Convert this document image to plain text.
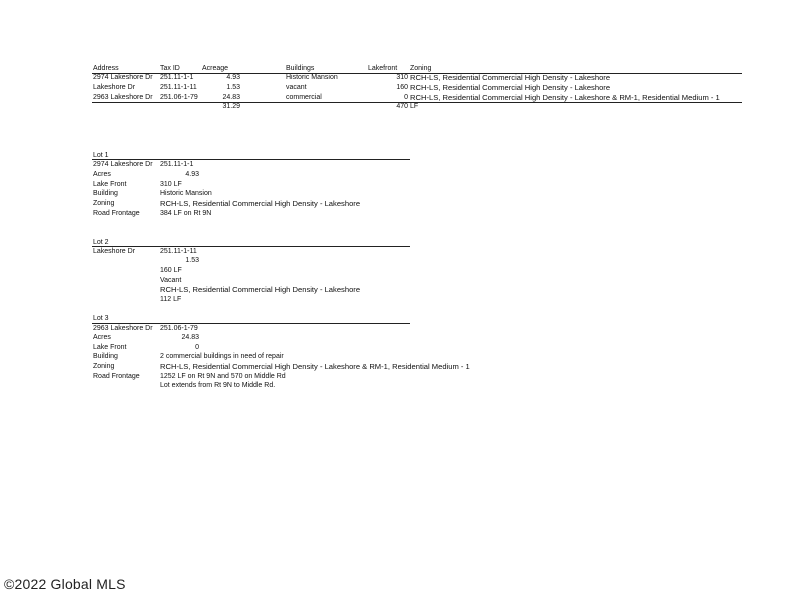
Address	Tax ID	Acreage	Buildings	Lakefront Zoning
2974 Lakeshore Dr 251.11-1-1	4.93	Historic Mansion	310 RCH-LS, Residential Commercial High Density - Lakeshore
Lakeshore Dr	251.11-1-11	1.53	vacant	160 RCH-LS, Residential Commercial High Density - Lakeshore
2963 Lakeshore Dr 251.06-1-79	24.83	commercial	0 RCH-LS, Residential Commercial High Density - Lakeshore & RM-1, Residential Medium - 1
31.29	470 LF
Lot 1
2974 Lakeshore Dr 251.11-1-1
Acres	4.93
Lake Front	310 LF
Building	Historic Mansion
Zoning	RCH-LS, Residential Commercial High Density - Lakeshore
Road Frontage	384 LF on Rt 9N
Lot 2
Lakeshore Dr	251.11-1-11
1.53
160 LF
Vacant
RCH-LS, Residential Commercial High Density - Lakeshore
112 LF
Lot 3
2963 Lakeshore Dr 251.06-1-79
Acres	24.83
Lake Front	0
Building	2 commercial buildings in need of repair
Zoning	RCH-LS, Residential Commercial High Density - Lakeshore & RM-1, Residential Medium - 1
Road Frontage	1252 LF on Rt 9N and 570 on Middle Rd
Lot extends from Rt 9N to Middle Rd.
©2022 Global MLS
